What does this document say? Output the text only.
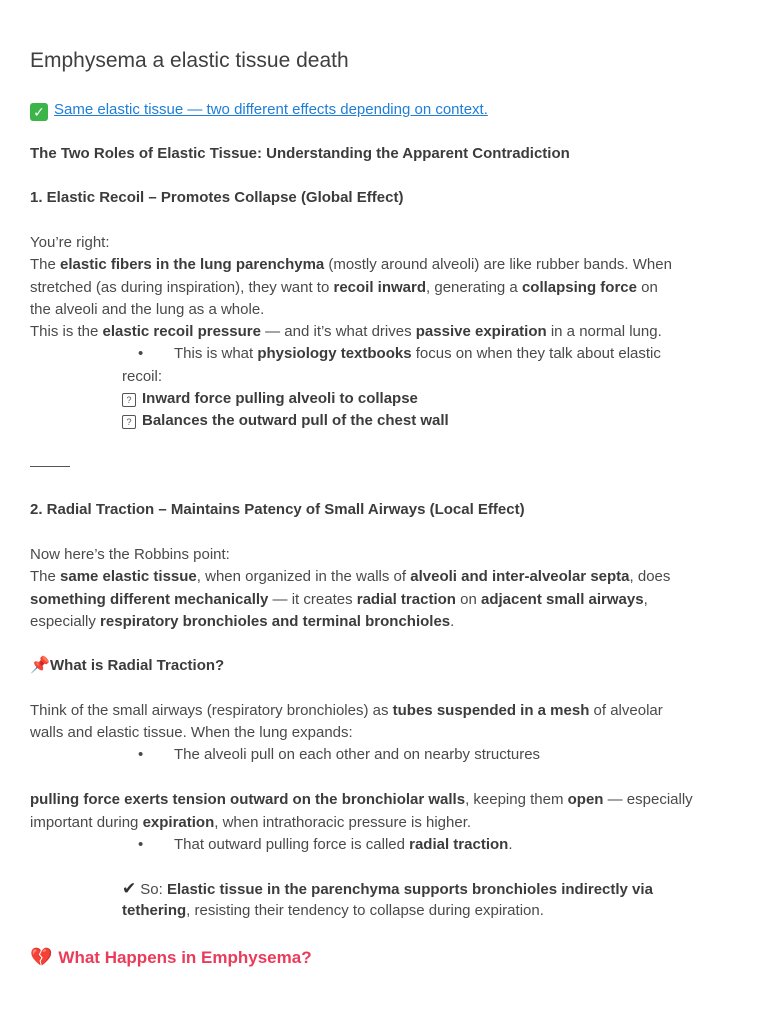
Emphysema a elastic tissue death
✓ Same elastic tissue — two different effects depending on context.
The Two Roles of Elastic Tissue: Understanding the Apparent Contradiction
1. Elastic Recoil – Promotes Collapse (Global Effect)
You’re right:
The elastic fibers in the lung parenchyma (mostly around alveoli) are like rubber bands. When
stretched (as during inspiration), they want to recoil inward, generating a collapsing force on
the alveoli and the lung as a whole.
This is the elastic recoil pressure — and it’s what drives passive expiration in a normal lung.
• This is what physiology textbooks focus on when they talk about elastic
recoil:
? Inward force pulling alveoli to collapse
? Balances the outward pull of the chest wall
2. Radial Traction – Maintains Patency of Small Airways (Local Effect)
Now here’s the Robbins point:
The same elastic tissue, when organized in the walls of alveoli and inter-alveolar septa, does
something different mechanically — it creates radial traction on adjacent small airways,
especially respiratory bronchioles and terminal bronchioles.
📌What is Radial Traction?
Think of the small airways (respiratory bronchioles) as tubes suspended in a mesh of alveolar
walls and elastic tissue. When the lung expands:
• The alveoli pull on each other and on nearby structures
pulling force exerts tension outward on the bronchiolar walls, keeping them open — especially
important during expiration, when intrathoracic pressure is higher.
• That outward pulling force is called radial traction.
✔ So: Elastic tissue in the parenchyma supports bronchioles indirectly via
tethering, resisting their tendency to collapse during expiration.
💔 What Happens in Emphysema?
